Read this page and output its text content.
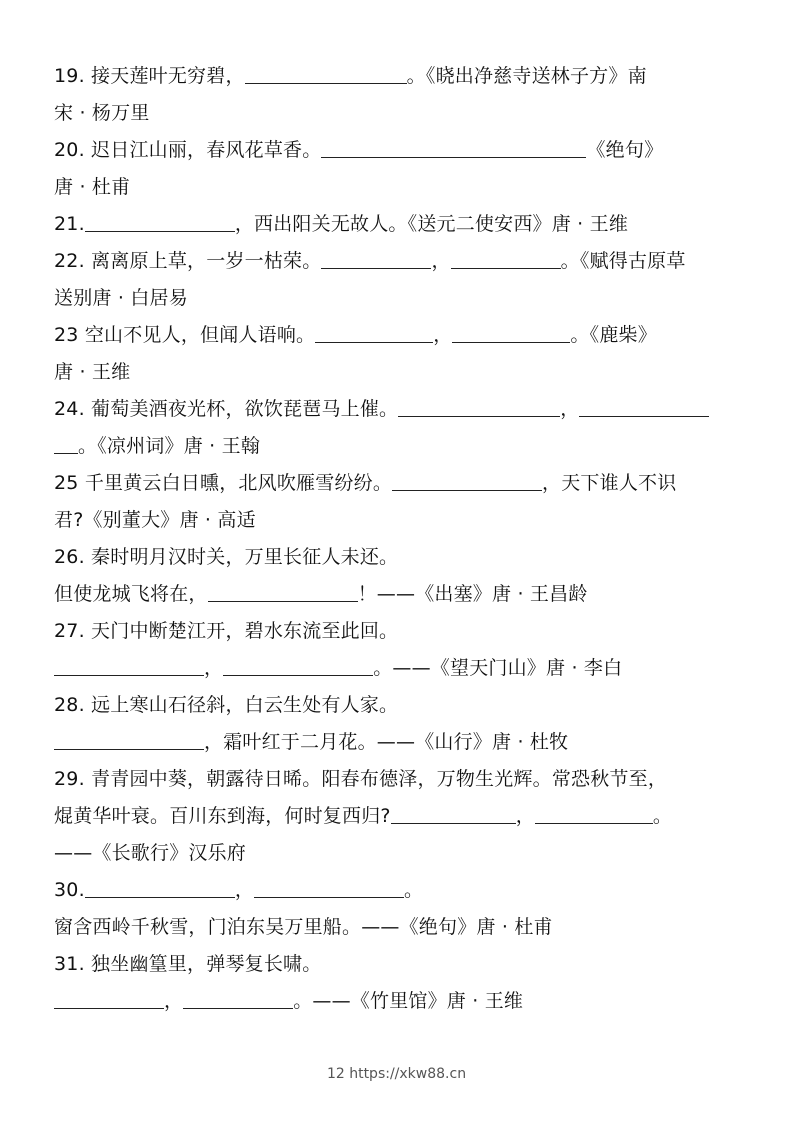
19. 接天莲叶无穷碧，	。《晓出净慈寺送林子方》南
宋 · 杨万里
20. 迟日江山丽，春风花草香。	《绝句》
唐 · 杜甫
21.	，西出阳关无故人。《送元二使安西》唐 · 王维
22. 离离原上草，一岁一枯荣。	，	。《赋得古原草
送别唐 · 白居易
23 空山不见人，但闻人语响。	，	。《鹿柴》
唐 · 王维
24. 葡萄美酒夜光杯，欲饮琵琶马上催。	，
。《凉州词》唐 · 王翰
25 千里黄云白日曛，北风吹雁雪纷纷。	，天下谁人不识
君?《别董大》唐 · 高适
26. 秦时明月汉时关，万里长征人未还。
但使龙城飞将在，	！——《出塞》唐 · 王昌龄
27. 天门中断楚江开，碧水东流至此回。
，	。——《望天门山》唐 · 李白
28. 远上寒山石径斜，白云生处有人家。
，霜叶红于二月花。——《山行》唐 · 杜牧
29. 青青园中葵，朝露待日晞。阳春布德泽，万物生光辉。常恐秋节至，
焜黄华叶衰。百川东到海，何时复西归?	，	。
——《长歌行》汉乐府
30.	，	。
窗含西岭千秋雪，门泊东吴万里船。——《绝句》唐 · 杜甫
31. 独坐幽篁里，弹琴复长啸。
，	。——《竹里馆》唐 · 王维
12 https://xkw88.cn
